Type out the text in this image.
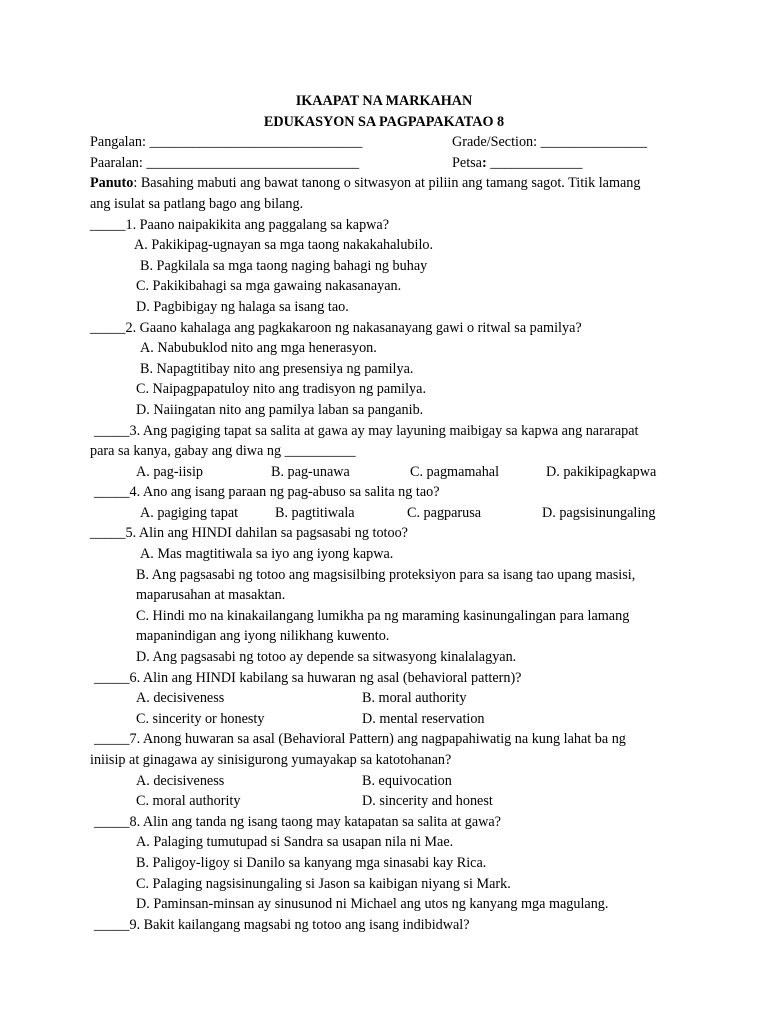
IKAAPAT NA MARKAHAN
EDUKASYON SA PAGPAPAKATAO 8
Pangalan: ______________________________	Grade/Section: _______________
Paaralan: ______________________________	Petsa: _____________
Panuto: Basahing mabuti ang bawat tanong o sitwasyon at piliin ang tamang sagot. Titik lamang
ang isulat sa patlang bago ang bilang.
_____1. Paano naipakikita ang paggalang sa kapwa?
A. Pakikipag-ugnayan sa mga taong nakakahalubilo.
B. Pagkilala sa mga taong naging bahagi ng buhay
C. Pakikibahagi sa mga gawaing nakasanayan.
D. Pagbibigay ng halaga sa isang tao.
_____2. Gaano kahalaga ang pagkakaroon ng nakasanayang gawi o ritwal sa pamilya?
A. Nabubuklod nito ang mga henerasyon.
B. Napagtitibay nito ang presensiya ng pamilya.
C. Naipagpapatuloy nito ang tradisyon ng pamilya.
D. Naiingatan nito ang pamilya laban sa panganib.
_____3. Ang pagiging tapat sa salita at gawa ay may layuning maibigay sa kapwa ang nararapat
para sa kanya, gabay ang diwa ng __________
A. pag-iisip	B. pag-unawa	C. pagmamahal	D. pakikipagkapwa
_____4. Ano ang isang paraan ng pag-abuso sa salita ng tao?
A. pagiging tapat	B. pagtitiwala	C. pagparusa	D. pagsisinungaling
_____5. Alin ang HINDI dahilan sa pagsasabi ng totoo?
A. Mas magtitiwala sa iyo ang iyong kapwa.
B. Ang pagsasabi ng totoo ang magsisilbing proteksiyon para sa isang tao upang masisi,
maparusahan at masaktan.
C. Hindi mo na kinakailangang lumikha pa ng maraming kasinungalingan para lamang
mapanindigan ang iyong nilikhang kuwento.
D. Ang pagsasabi ng totoo ay depende sa sitwasyong kinalalagyan.
_____6. Alin ang HINDI kabilang sa huwaran ng asal (behavioral pattern)?
A. decisiveness	B. moral authority
C. sincerity or honesty	D. mental reservation
_____7. Anong huwaran sa asal (Behavioral Pattern) ang nagpapahiwatig na kung lahat ba ng
iniisip at ginagawa ay sinisigurong yumayakap sa katotohanan?
A. decisiveness	B. equivocation
C. moral authority	D. sincerity and honest
_____8. Alin ang tanda ng isang taong may katapatan sa salita at gawa?
A. Palaging tumutupad si Sandra sa usapan nila ni Mae.
B. Paligoy-ligoy si Danilo sa kanyang mga sinasabi kay Rica.
C. Palaging nagsisinungaling si Jason sa kaibigan niyang si Mark.
D. Paminsan-minsan ay sinusunod ni Michael ang utos ng kanyang mga magulang.
_____9. Bakit kailangang magsabi ng totoo ang isang indibidwal?
